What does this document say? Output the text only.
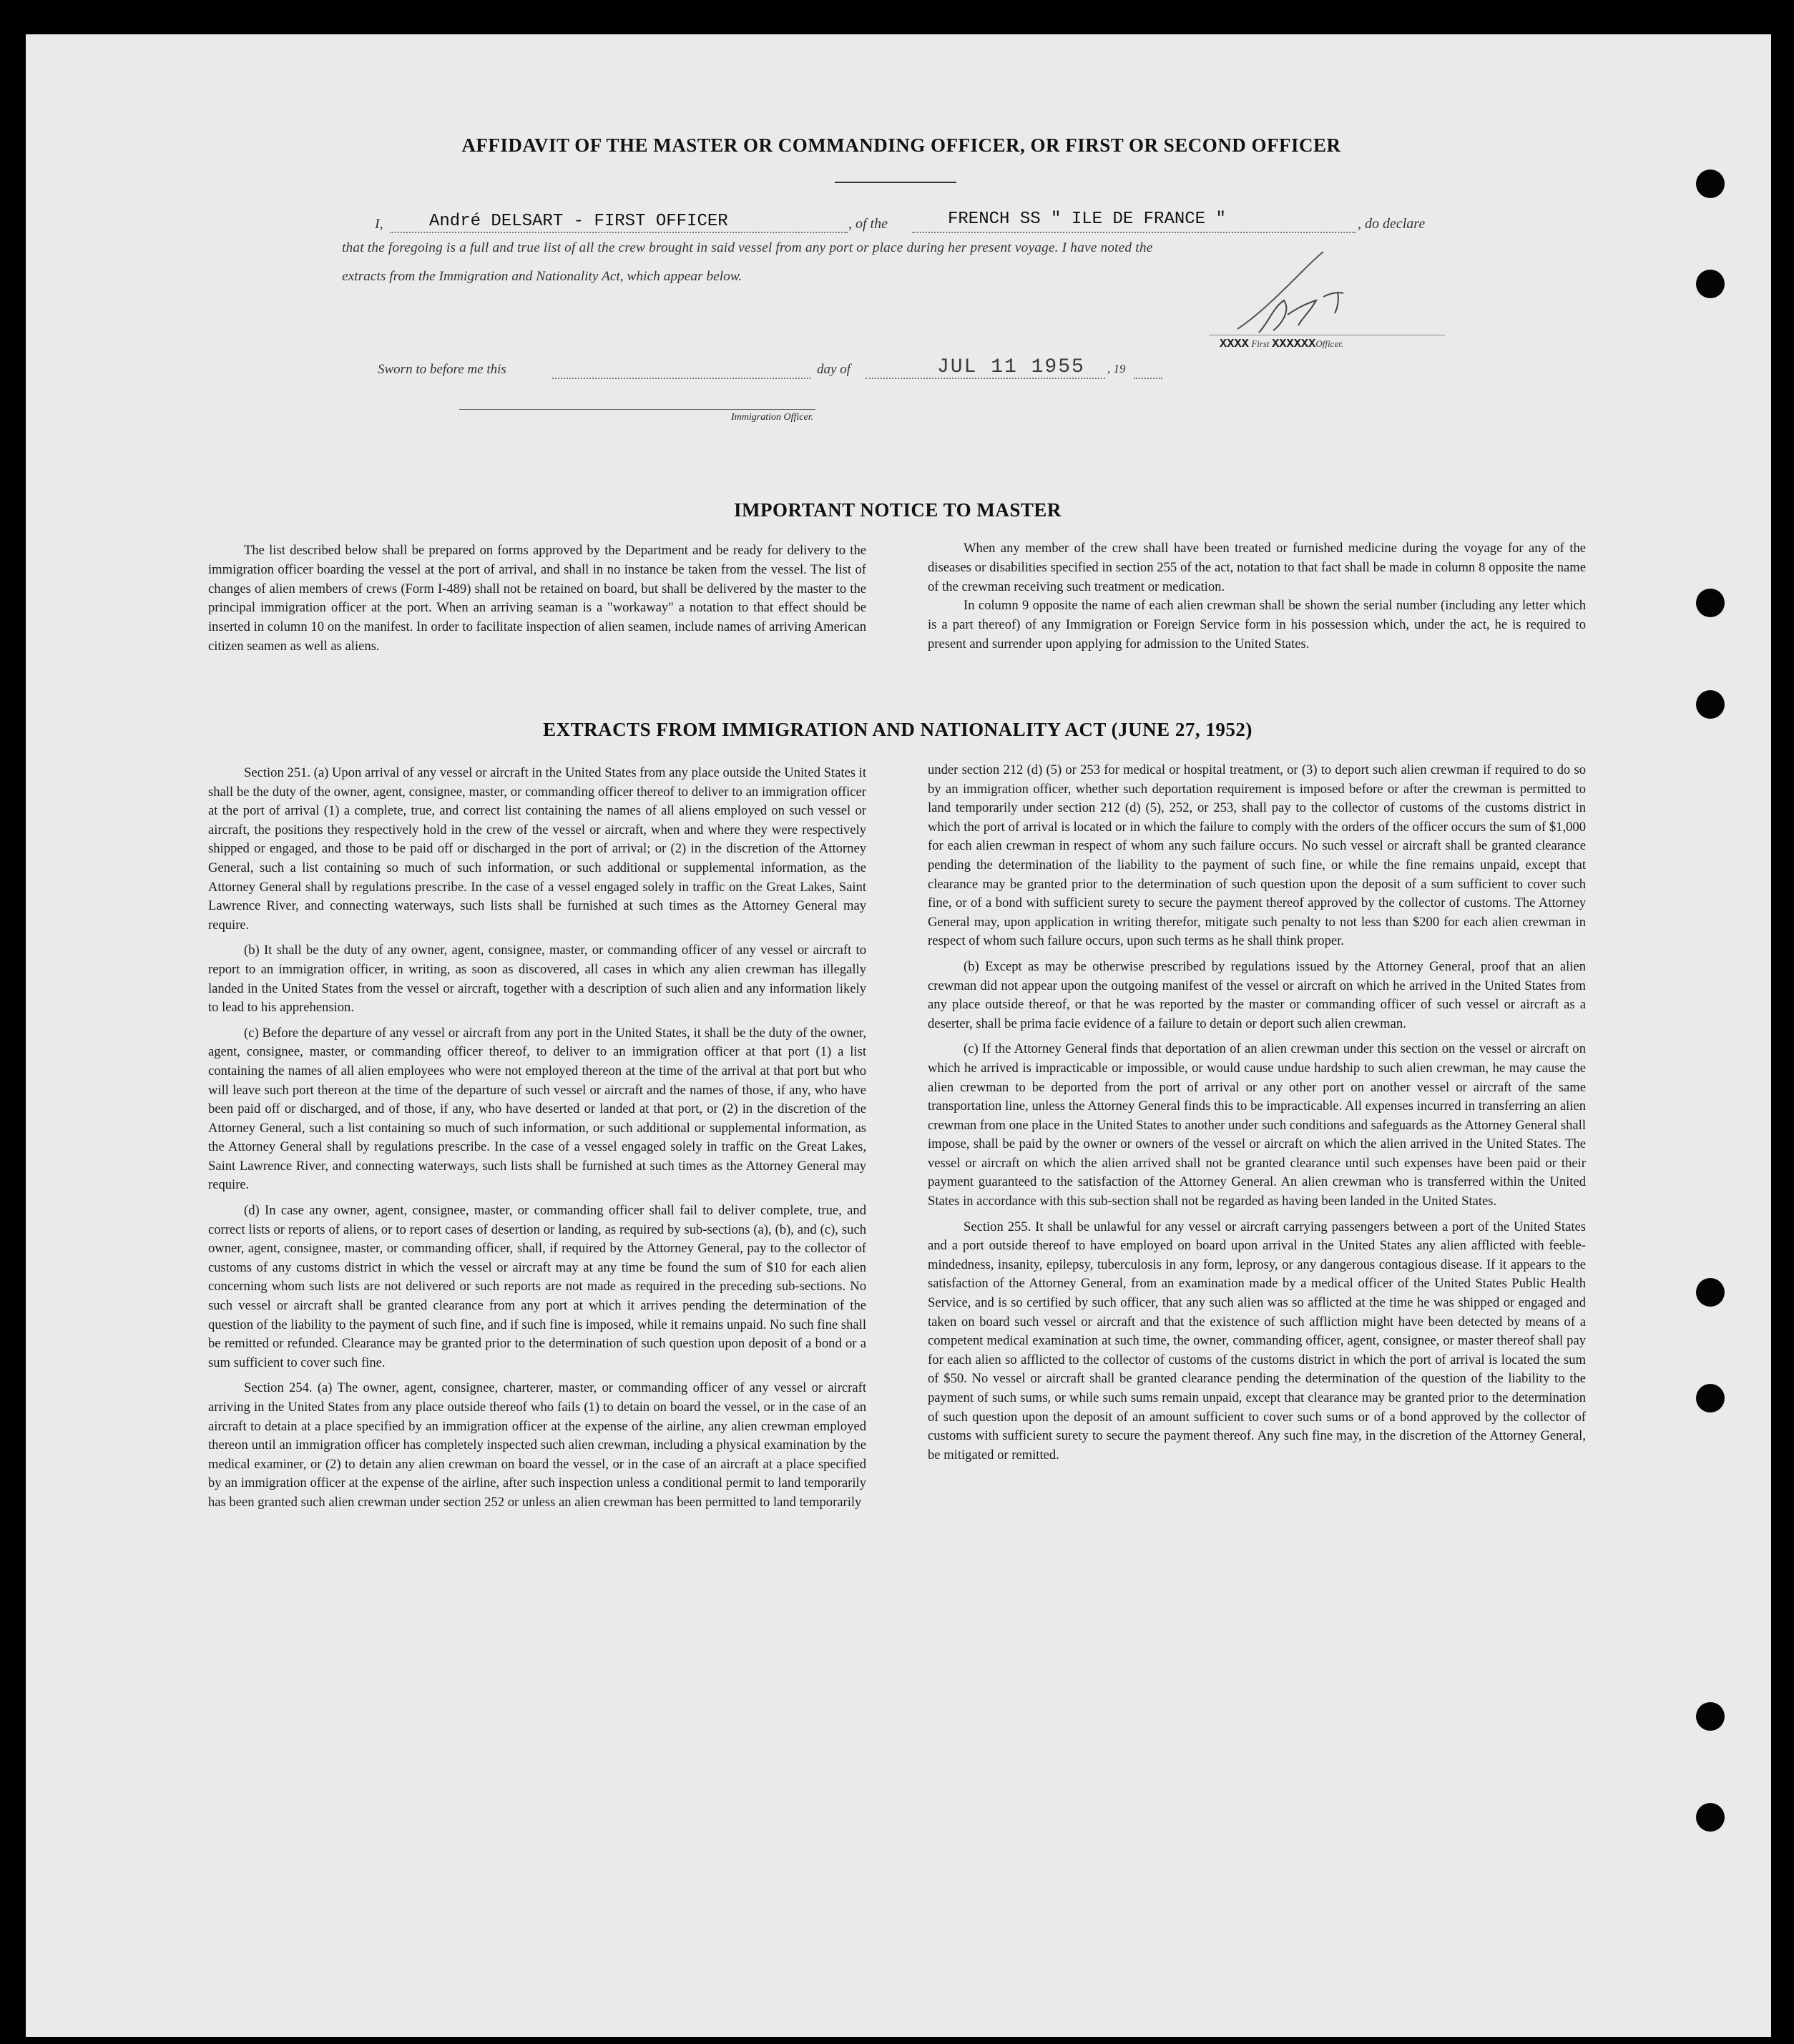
AFFIDAVIT OF THE MASTER OR COMMANDING OFFICER, OR FIRST OR SECOND OFFICER
I,	André DELSART - FIRST OFFICER	, of the	FRENCH SS " ILE DE FRANCE "	, do declare
that the foregoing is a full and true list of all the crew brought in said vessel from any port or place during her present voyage. I have noted the
extracts from the Immigration and Nationality Act, which appear below.
XXXX First XXXXXXOfficer.
Sworn to before me this	day of	JUL 11 1955 , 19
Immigration Officer.
IMPORTANT NOTICE TO MASTER

The list described below shall be prepared on forms approved by the Department and be ready for delivery to the immigration officer boarding the vessel at the port of arrival, and shall in no instance be taken from the vessel. The list of changes of alien members of crews (Form I-489) shall not be retained on board, but shall be delivered by the master to the principal immigration officer at the port. When an arriving seaman is a "workaway" a notation to that effect should be inserted in column 10 on the manifest. In order to facilitate inspection of alien seamen, include names of arriving American citizen seamen as well as aliens.

When any member of the crew shall have been treated or furnished medicine during the voyage for any of the diseases or disabilities specified in section 255 of the act, notation to that fact shall be made in column 8 opposite the name of the crewman receiving such treatment or medication.

In column 9 opposite the name of each alien crewman shall be shown the serial number (including any letter which is a part thereof) of any Immigration or Foreign Service form in his possession which, under the act, he is required to present and surrender upon applying for admission to the United States.

EXTRACTS FROM IMMIGRATION AND NATIONALITY ACT (JUNE 27, 1952)

Section 251. (a) Upon arrival of any vessel or aircraft in the United States from any place outside the United States it shall be the duty of the owner, agent, consignee, master, or commanding officer thereof to deliver to an immigration officer at the port of arrival (1) a complete, true, and correct list containing the names of all aliens employed on such vessel or aircraft, the positions they respectively hold in the crew of the vessel or aircraft, when and where they were respectively shipped or engaged, and those to be paid off or discharged in the port of arrival; or (2) in the discretion of the Attorney General, such a list containing so much of such information, or such additional or supplemental information, as the Attorney General shall by regulations prescribe. In the case of a vessel engaged solely in traffic on the Great Lakes, Saint Lawrence River, and connecting waterways, such lists shall be furnished at such times as the Attorney General may require.

(b) It shall be the duty of any owner, agent, consignee, master, or commanding officer of any vessel or aircraft to report to an immigration officer, in writing, as soon as discovered, all cases in which any alien crewman has illegally landed in the United States from the vessel or aircraft, together with a description of such alien and any information likely to lead to his apprehension.

(c) Before the departure of any vessel or aircraft from any port in the United States, it shall be the duty of the owner, agent, consignee, master, or commanding officer thereof, to deliver to an immigration officer at that port (1) a list containing the names of all alien employees who were not employed thereon at the time of the arrival at that port but who will leave such port thereon at the time of the departure of such vessel or aircraft and the names of those, if any, who have been paid off or discharged, and of those, if any, who have deserted or landed at that port, or (2) in the discretion of the Attorney General, such a list containing so much of such information, or such additional or supplemental information, as the Attorney General shall by regulations prescribe. In the case of a vessel engaged solely in traffic on the Great Lakes, Saint Lawrence River, and connecting waterways, such lists shall be furnished at such times as the Attorney General may require.

(d) In case any owner, agent, consignee, master, or commanding officer shall fail to deliver complete, true, and correct lists or reports of aliens, or to report cases of desertion or landing, as required by sub-sections (a), (b), and (c), such owner, agent, consignee, master, or commanding officer, shall, if required by the Attorney General, pay to the collector of customs of any customs district in which the vessel or aircraft may at any time be found the sum of $10 for each alien concerning whom such lists are not delivered or such reports are not made as required in the preceding sub-sections. No such vessel or aircraft shall be granted clearance from any port at which it arrives pending the determination of the question of the liability to the payment of such fine, and if such fine is imposed, while it remains unpaid. No such fine shall be remitted or refunded. Clearance may be granted prior to the determination of such question upon deposit of a bond or a sum sufficient to cover such fine.

Section 254. (a) The owner, agent, consignee, charterer, master, or commanding officer of any vessel or aircraft arriving in the United States from any place outside thereof who fails (1) to detain on board the vessel, or in the case of an aircraft to detain at a place specified by an immigration officer at the expense of the airline, any alien crewman employed thereon until an immigration officer has completely inspected such alien crewman, including a physical examination by the medical examiner, or (2) to detain any alien crewman on board the vessel, or in the case of an aircraft at a place specified by an immigration officer at the expense of the airline, after such inspection unless a conditional permit to land temporarily has been granted such alien crewman under section 252 or unless an alien crewman has been permitted to land temporarily

under section 212 (d) (5) or 253 for medical or hospital treatment, or (3) to deport such alien crewman if required to do so by an immigration officer, whether such deportation requirement is imposed before or after the crewman is permitted to land temporarily under section 212 (d) (5), 252, or 253, shall pay to the collector of customs of the customs district in which the port of arrival is located or in which the failure to comply with the orders of the officer occurs the sum of $1,000 for each alien crewman in respect of whom any such failure occurs. No such vessel or aircraft shall be granted clearance pending the determination of the liability to the payment of such fine, or while the fine remains unpaid, except that clearance may be granted prior to the determination of such question upon the deposit of a sum sufficient to cover such fine, or of a bond with sufficient surety to secure the payment thereof approved by the collector of customs. The Attorney General may, upon application in writing therefor, mitigate such penalty to not less than $200 for each alien crewman in respect of whom such failure occurs, upon such terms as he shall think proper.

(b) Except as may be otherwise prescribed by regulations issued by the Attorney General, proof that an alien crewman did not appear upon the outgoing manifest of the vessel or aircraft on which he arrived in the United States from any place outside thereof, or that he was reported by the master or commanding officer of such vessel or aircraft as a deserter, shall be prima facie evidence of a failure to detain or deport such alien crewman.

(c) If the Attorney General finds that deportation of an alien crewman under this section on the vessel or aircraft on which he arrived is impracticable or impossible, or would cause undue hardship to such alien crewman, he may cause the alien crewman to be deported from the port of arrival or any other port on another vessel or aircraft of the same transportation line, unless the Attorney General finds this to be impracticable. All expenses incurred in transferring an alien crewman from one place in the United States to another under such conditions and safeguards as the Attorney General shall impose, shall be paid by the owner or owners of the vessel or aircraft on which the alien arrived in the United States. The vessel or aircraft on which the alien arrived shall not be granted clearance until such expenses have been paid or their payment guaranteed to the satisfaction of the Attorney General. An alien crewman who is transferred within the United States in accordance with this sub-section shall not be regarded as having been landed in the United States.

Section 255. It shall be unlawful for any vessel or aircraft carrying passengers between a port of the United States and a port outside thereof to have employed on board upon arrival in the United States any alien afflicted with feeble-mindedness, insanity, epilepsy, tuberculosis in any form, leprosy, or any dangerous contagious disease. If it appears to the satisfaction of the Attorney General, from an examination made by a medical officer of the United States Public Health Service, and is so certified by such officer, that any such alien was so afflicted at the time he was shipped or engaged and taken on board such vessel or aircraft and that the existence of such affliction might have been detected by means of a competent medical examination at such time, the owner, commanding officer, agent, consignee, or master thereof shall pay for each alien so afflicted to the collector of customs of the customs district in which the port of arrival is located the sum of $50. No vessel or aircraft shall be granted clearance pending the determination of the question of the liability to the payment of such sums, or while such sums remain unpaid, except that clearance may be granted prior to the determination of such question upon the deposit of an amount sufficient to cover such sums or of a bond approved by the collector of customs with sufficient surety to secure the payment thereof. Any such fine may, in the discretion of the Attorney General, be mitigated or remitted.
